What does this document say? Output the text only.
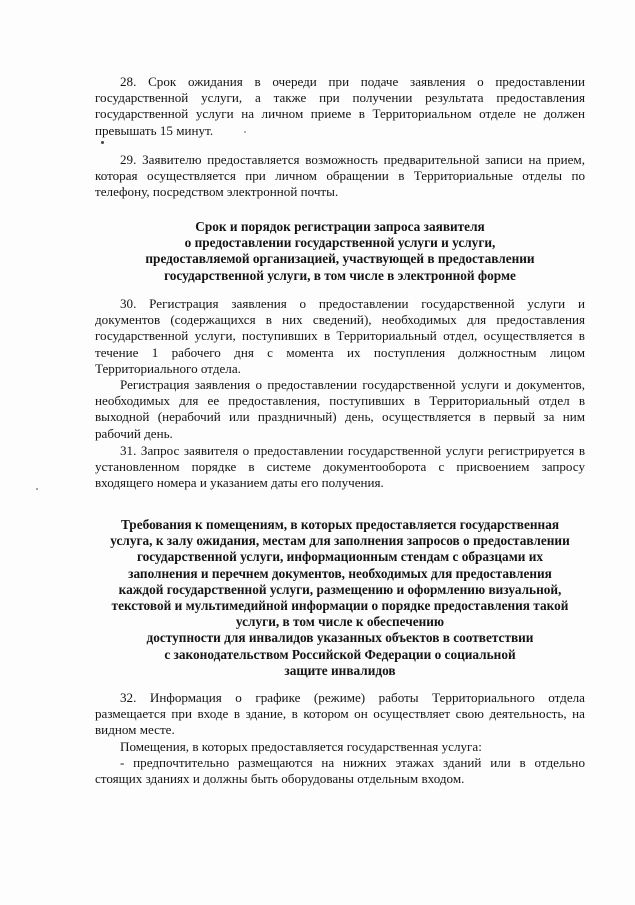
28. Срок ожидания в очереди при подаче заявления о предоставлении государственной услуги, а также при получении результата предоставления государственной услуги на личном приеме в Территориальном отделе не должен превышать 15 минут.

29. Заявителю предоставляется возможность предварительной записи на прием, которая осуществляется при личном обращении в Территориальные отделы по телефону, посредством электронной почты.

Срок и порядок регистрации запроса заявителя
о предоставлении государственной услуги и услуги,
предоставляемой организацией, участвующей в предоставлении
государственной услуги, в том числе в электронной форме

30. Регистрация заявления о предоставлении государственной услуги и документов (содержащихся в них сведений), необходимых для предоставления государственной услуги, поступивших в Территориальный отдел, осуществляется в течение 1 рабочего дня с момента их поступления должностным лицом Территориального отдела.

Регистрация заявления о предоставлении государственной услуги и документов, необходимых для ее предоставления, поступивших в Территориальный отдел в выходной (нерабочий или праздничный) день, осуществляется в первый за ним рабочий день.

31. Запрос заявителя о предоставлении государственной услуги регистрируется в установленном порядке в системе документооборота с присвоением запросу входящего номера и указанием даты его получения.

Требования к помещениям, в которых предоставляется государственная
услуга, к залу ожидания, местам для заполнения запросов о предоставлении
государственной услуги, информационным стендам с образцами их
заполнения и перечнем документов, необходимых для предоставления
каждой государственной услуги, размещению и оформлению визуальной,
текстовой и мультимедийной информации о порядке предоставления такой
услуги, в том числе к обеспечению
доступности для инвалидов указанных объектов в соответствии
с законодательством Российской Федерации о социальной
защите инвалидов

32. Информация о графике (режиме) работы Территориального отдела размещается при входе в здание, в котором он осуществляет свою деятельность, на видном месте.

Помещения, в которых предоставляется государственная услуга:

- предпочтительно размещаются на нижних этажах зданий или в отдельно стоящих зданиях и должны быть оборудованы отдельным входом.
